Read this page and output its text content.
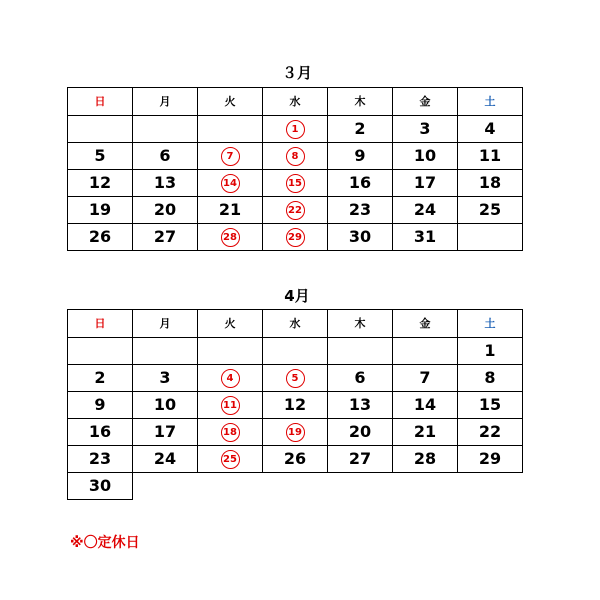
３月
日	月	火	水	木	金	土
			1	2	3	4
5	6	7	8	9	10	11
12	13	14	15	16	17	18
19	20	21	22	23	24	25
26	27	28	29	30	31	
4月
日	月	火	水	木	金	土
						1
2	3	4	5	6	7	8
9	10	11	12	13	14	15
16	17	18	19	20	21	22
23	24	25	26	27	28	29
30						
※〇定休日
